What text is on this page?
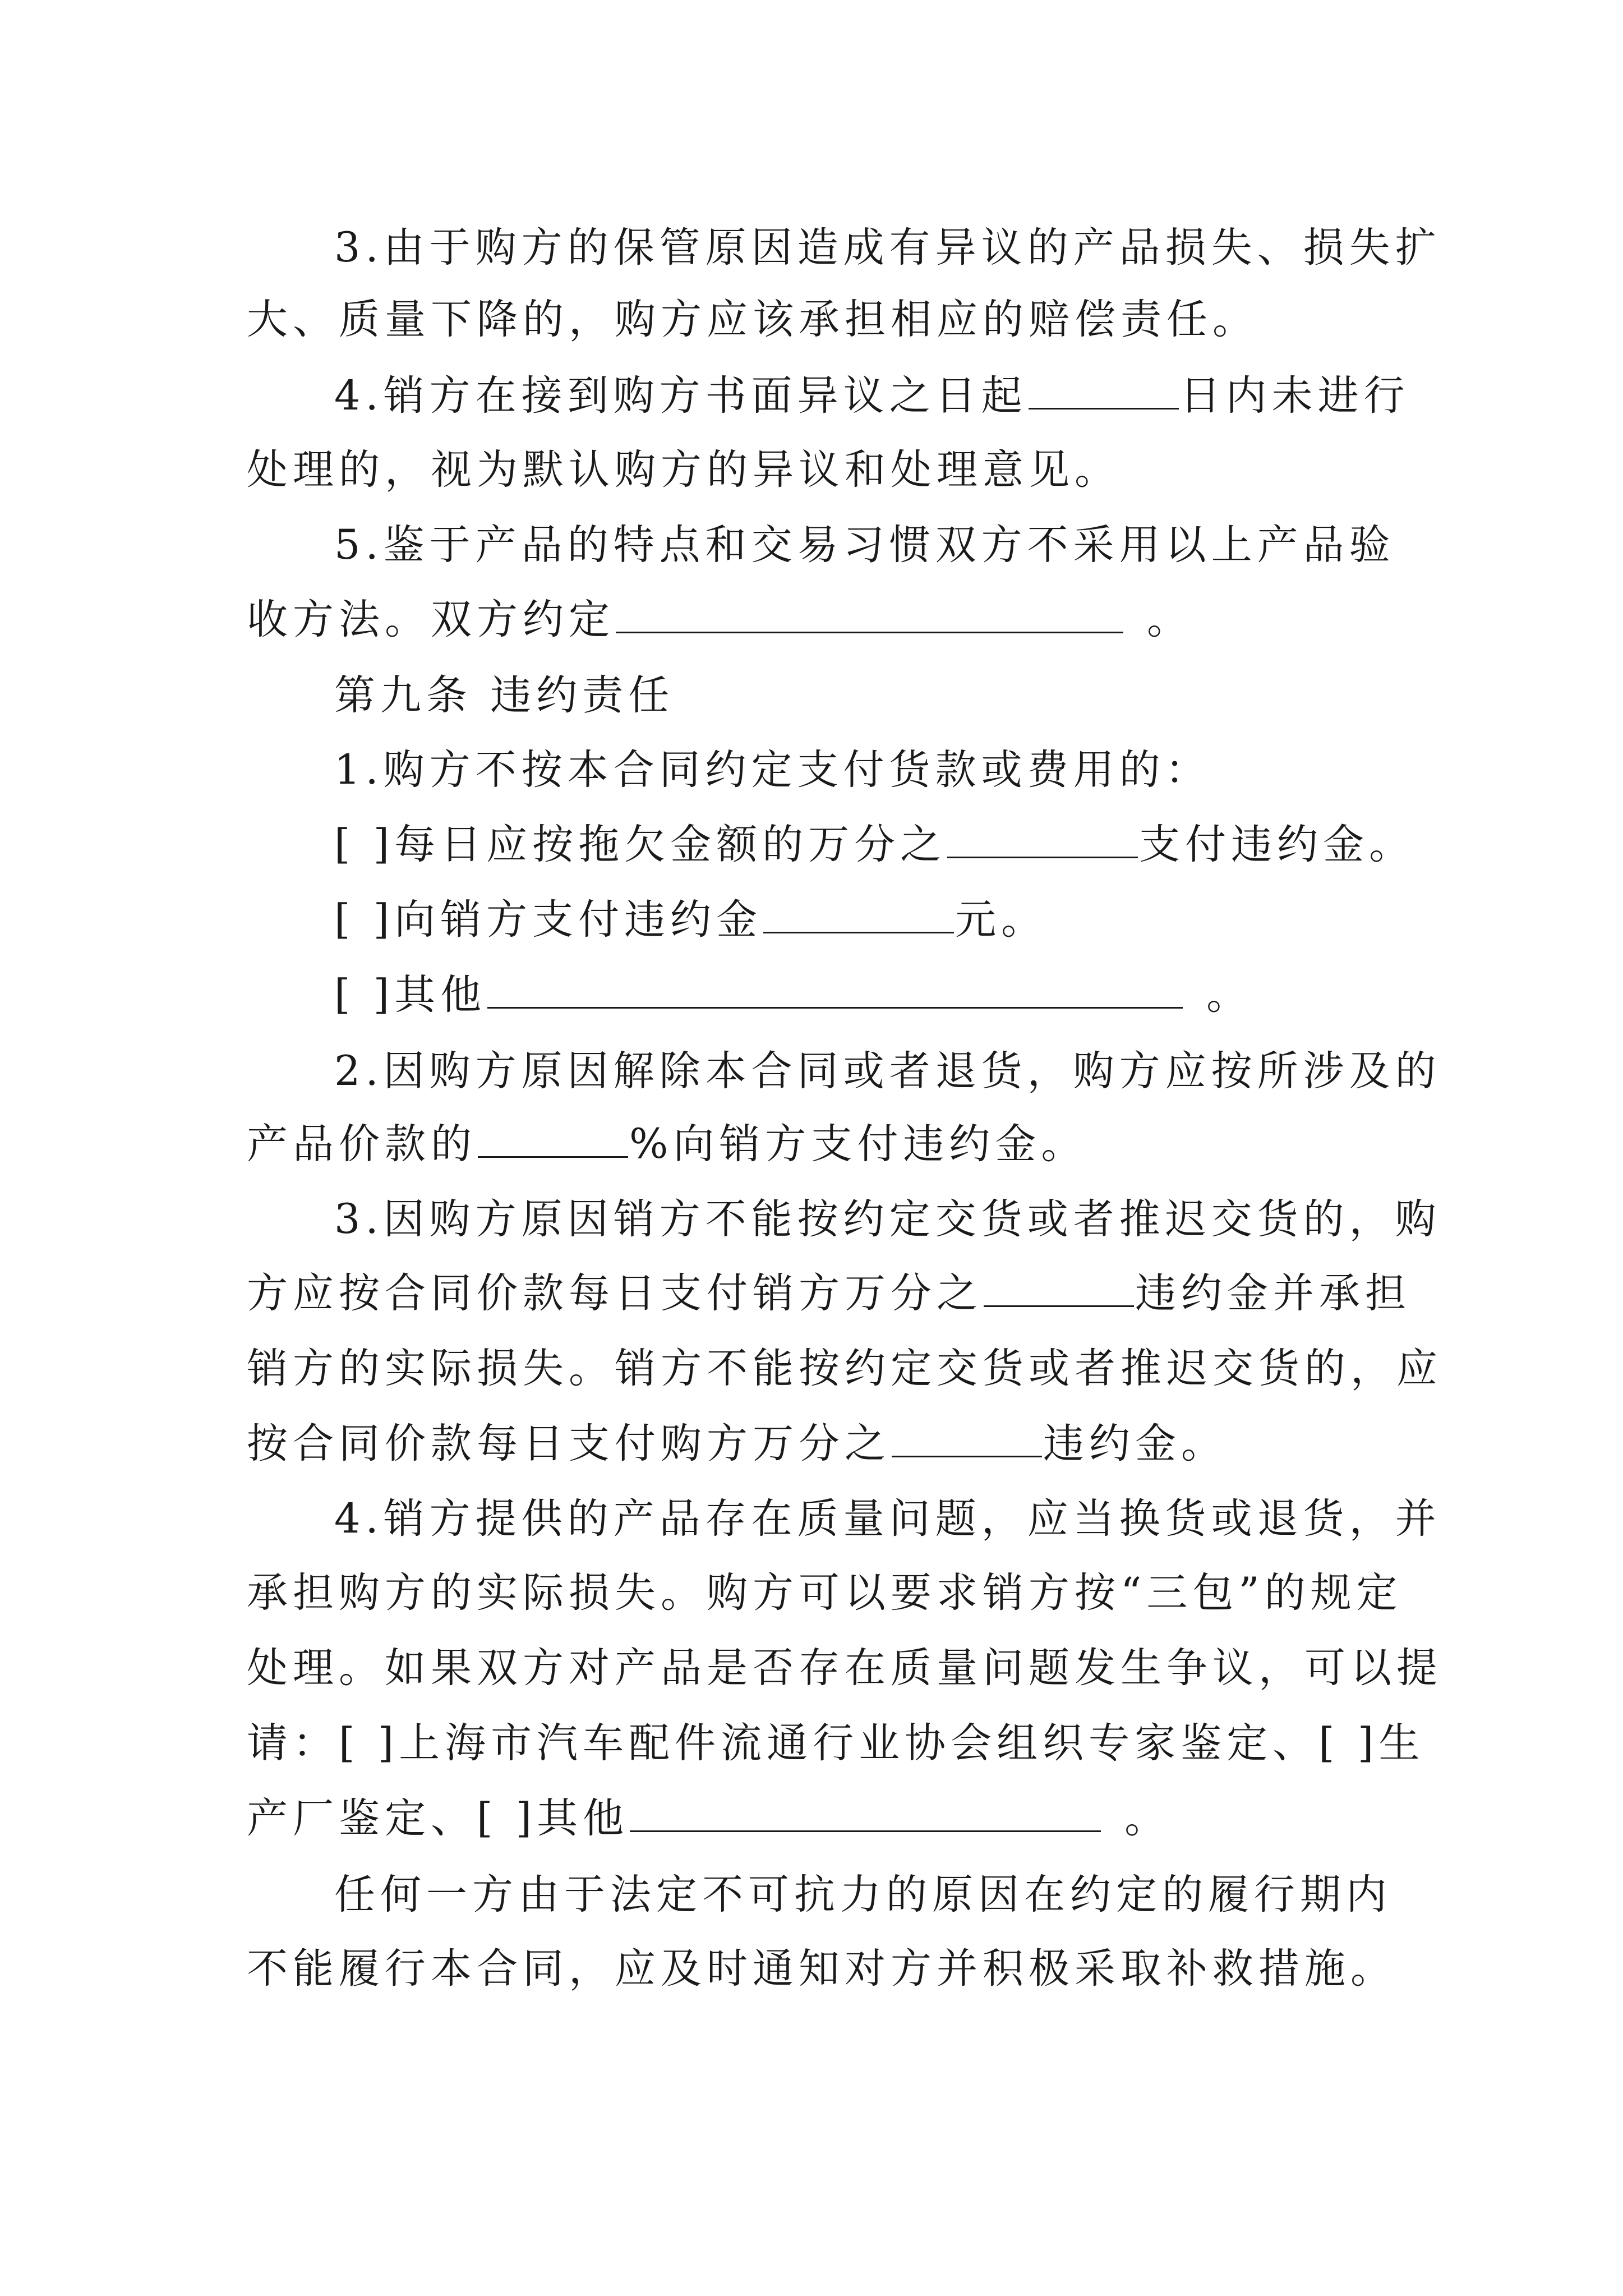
3.由于购方的保管原因造成有异议的产品损失、损失扩
大、质量下降的，购方应该承担相应的赔偿责任。
4.销方在接到购方书面异议之日起	日内未进行
处理的，视为默认购方的异议和处理意见。
5.鉴于产品的特点和交易习惯双方不采用以上产品验
收方法。双方约定	。
第九条 违约责任
1.购方不按本合同约定支付货款或费用的：
[ ]每日应按拖欠金额的万分之	支付违约金。
[ ]向销方支付违约金	元。
[ ]其他	。
2.因购方原因解除本合同或者退货，购方应按所涉及的
产品价款的	%向销方支付违约金。
3.因购方原因销方不能按约定交货或者推迟交货的，购
方应按合同价款每日支付销方万分之	违约金并承担
销方的实际损失。销方不能按约定交货或者推迟交货的，应
按合同价款每日支付购方万分之	违约金。
4.销方提供的产品存在质量问题，应当换货或退货，并
承担购方的实际损失。购方可以要求销方按“三包”的规定
处理。如果双方对产品是否存在质量问题发生争议，可以提
请：[ ]上海市汽车配件流通行业协会组织专家鉴定、[ ]生
产厂鉴定、[ ]其他	。
任何一方由于法定不可抗力的原因在约定的履行期内
不能履行本合同，应及时通知对方并积极采取补救措施。
